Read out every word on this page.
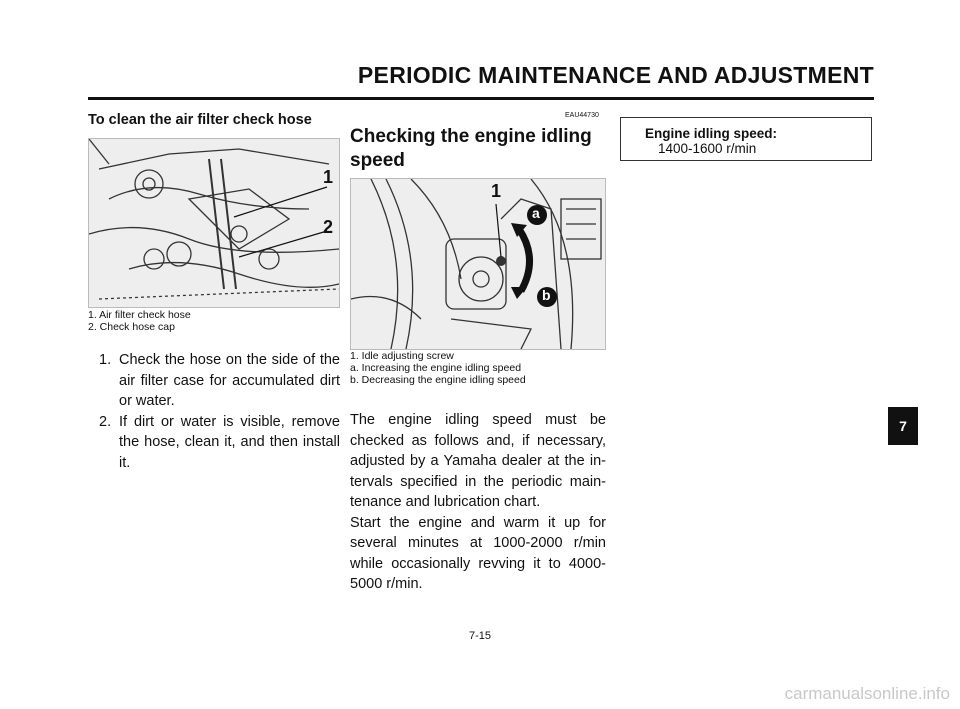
PERIODIC MAINTENANCE AND ADJUSTMENT
To clean the air filter check hose
1
2
1. Air filter check hose
2. Check hose cap
1. Check the hose on the side of the air filter case for accumulated dirt or water.
2. If dirt or water is visible, remove the hose, clean it, and then install it.
EAU44730
Checking the engine idling speed
1
a
b
1. Idle adjusting screw
a. Increasing the engine idling speed
b. Decreasing the engine idling speed

The engine idling speed must be checked as follows and, if necessary, adjusted by a Yamaha dealer at the in-tervals specified in the periodic main-tenance and lubrication chart.

Start the engine and warm it up for several minutes at 1000-2000 r/min while occasionally revving it to 4000-5000 r/min.

Engine idling speed:
1400-1600 r/min
7
7-15
carmanualsonline.info
